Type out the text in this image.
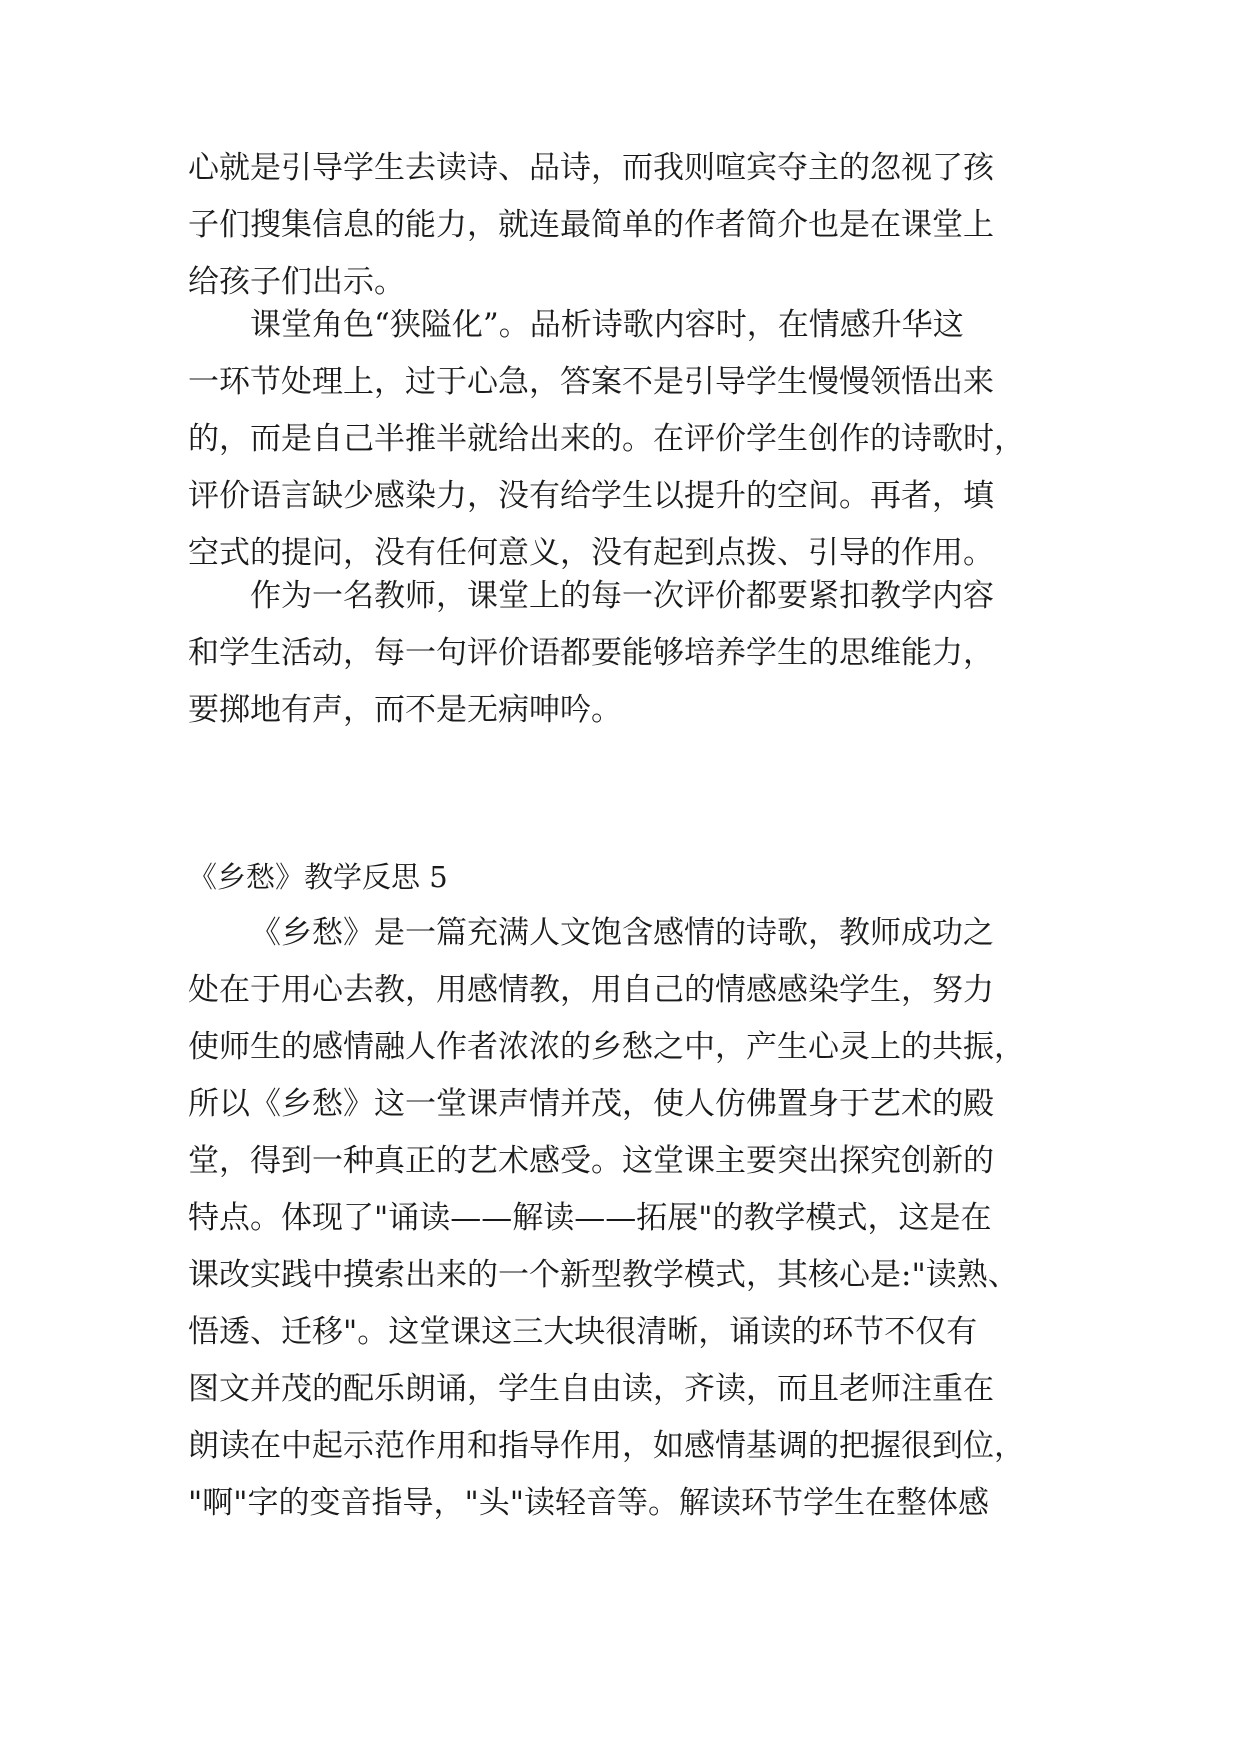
心就是引导学生去读诗、品诗，而我则喧宾夺主的忽视了孩
子们搜集信息的能力，就连最简单的作者简介也是在课堂上
给孩子们出示。
课堂角色“狭隘化”。品析诗歌内容时，在情感升华这
一环节处理上，过于心急，答案不是引导学生慢慢领悟出来
的，而是自己半推半就给出来的。在评价学生创作的诗歌时，
评价语言缺少感染力，没有给学生以提升的空间。再者，填
空式的提问，没有任何意义，没有起到点拨、引导的作用。
作为一名教师，课堂上的每一次评价都要紧扣教学内容
和学生活动，每一句评价语都要能够培养学生的思维能力，
要掷地有声，而不是无病呻吟。
《乡愁》教学反思 5
《乡愁》是一篇充满人文饱含感情的诗歌，教师成功之
处在于用心去教，用感情教，用自己的情感感染学生，努力
使师生的感情融人作者浓浓的乡愁之中，产生心灵上的共振，
所以《乡愁》这一堂课声情并茂，使人仿佛置身于艺术的殿
堂，得到一种真正的艺术感受。这堂课主要突出探究创新的
特点。体现了"诵读——解读——拓展"的教学模式，这是在
课改实践中摸索出来的一个新型教学模式，其核心是:"读熟、
悟透、迁移"。这堂课这三大块很清晰，诵读的环节不仅有
图文并茂的配乐朗诵，学生自由读，齐读，而且老师注重在
朗读在中起示范作用和指导作用，如感情基调的把握很到位，
"啊"字的变音指导，"头"读轻音等。解读环节学生在整体感
